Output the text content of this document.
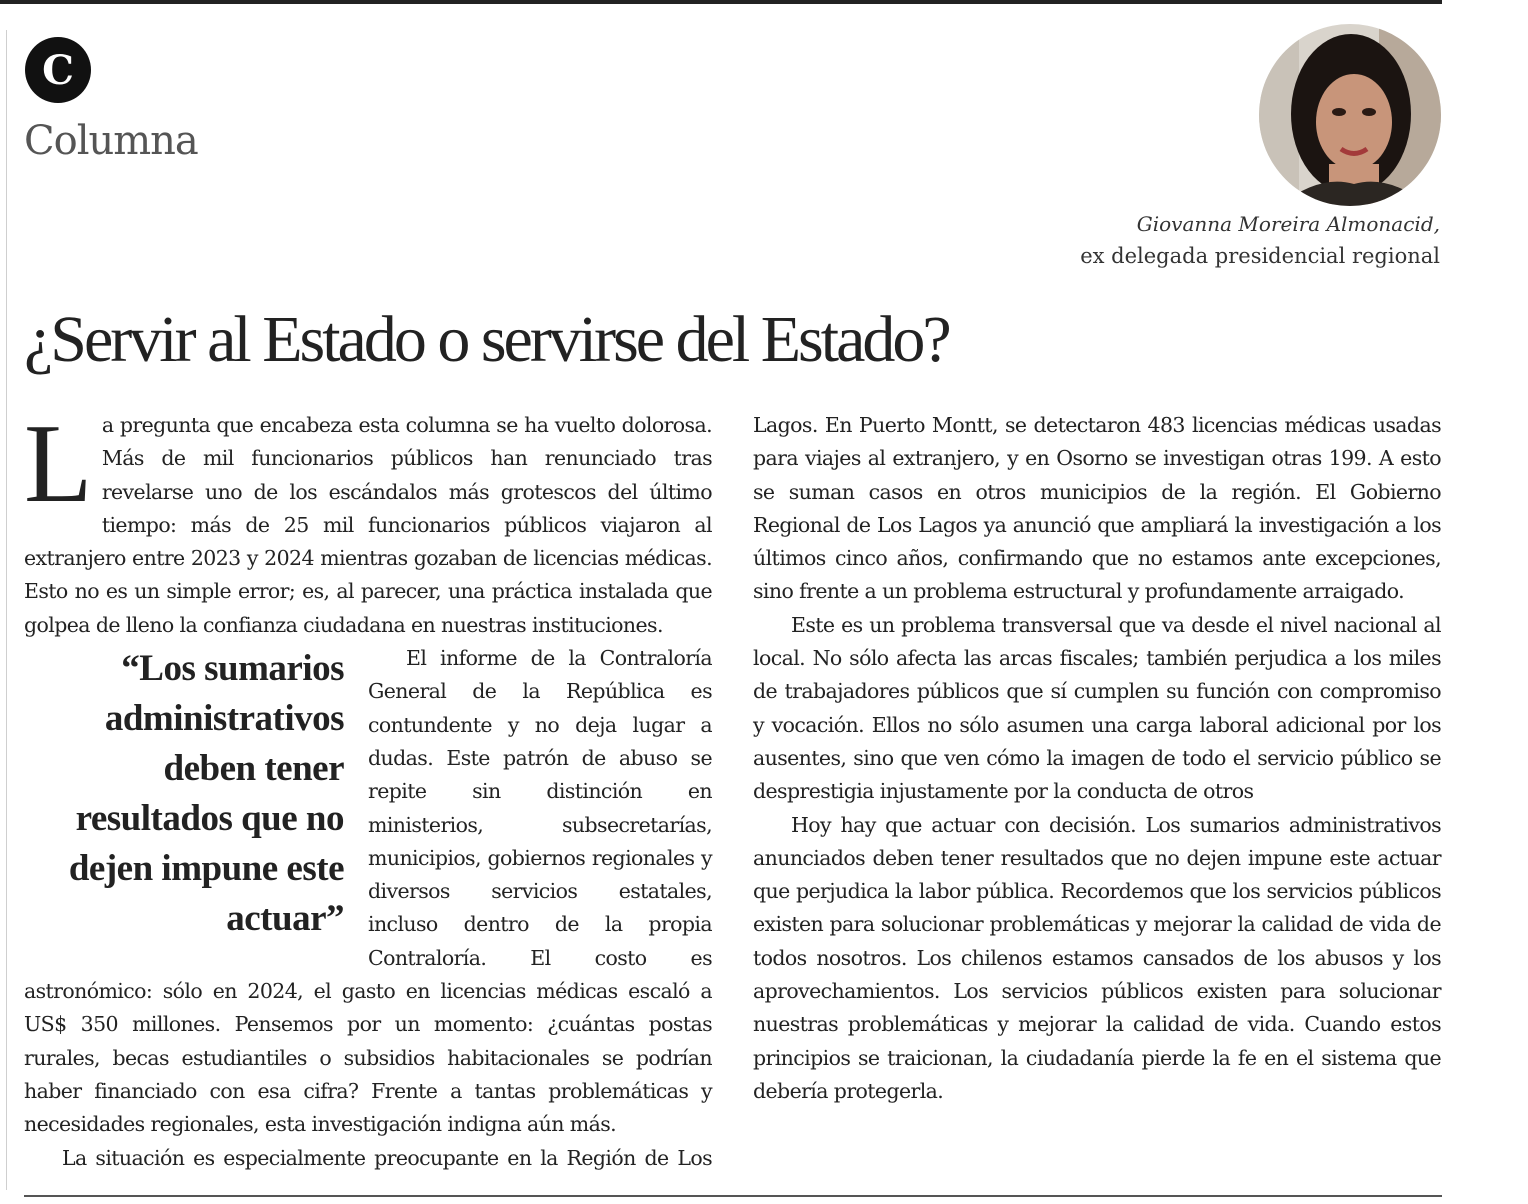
C
Columna
Giovanna Moreira Almonacid,
ex delegada presidencial regional
¿Servir al Estado o servirse del Estado?

La pregunta que encabeza esta columna se ha vuelto dolorosa. Más de mil funcionarios públicos han renunciado tras revelarse uno de los escándalos más grotescos del último tiempo: más de 25 mil funcionarios públicos viajaron al extranjero entre 2023 y 2024 mientras gozaban de licencias médicas. Esto no es un simple error; es, al parecer, una práctica instalada que golpea de lleno la confianza ciudadana en nuestras instituciones.

“Los sumarios administrativos deben tener resultados que no dejen impune este actuar”
El informe de la Contraloría General de la República es contundente y no deja lugar a dudas. Este patrón de abuso se repite sin distinción en ministerios, subsecretarías, municipios, gobiernos regionales y diversos servicios estatales, incluso dentro de la propia Contraloría. El costo es astronómico: sólo en 2024, el gasto en licencias médicas escaló a US$ 350 millones. Pensemos por un momento: ¿cuántas postas rurales, becas estudiantiles o subsidios habitacionales se podrían haber financiado con esa cifra? Frente a tantas problemáticas y necesidades regionales, esta investigación indigna aún más.

La situación es especialmente preocupante en la Región de Los

Lagos. En Puerto Montt, se detectaron 483 licencias médicas usadas para viajes al extranjero, y en Osorno se investigan otras 199. A esto se suman casos en otros municipios de la región. El Gobierno Regional de Los Lagos ya anunció que ampliará la investigación a los últimos cinco años, confirmando que no estamos ante excepciones, sino frente a un problema estructural y profundamente arraigado.

Este es un problema transversal que va desde el nivel nacional al local. No sólo afecta las arcas fiscales; también perjudica a los miles de trabajadores públicos que sí cumplen su función con compromiso y vocación. Ellos no sólo asumen una carga laboral adicional por los ausentes, sino que ven cómo la imagen de todo el servicio público se desprestigia injustamente por la conducta de otros

Hoy hay que actuar con decisión. Los sumarios administrativos anunciados deben tener resultados que no dejen impune este actuar que perjudica la labor pública. Recordemos que los servicios públicos existen para solucionar problemáticas y mejorar la calidad de vida de todos nosotros. Los chilenos estamos cansados de los abusos y los aprovechamientos. Los servicios públicos existen para solucionar nuestras problemáticas y mejorar la calidad de vida. Cuando estos principios se traicionan, la ciudadanía pierde la fe en el sistema que debería protegerla.
